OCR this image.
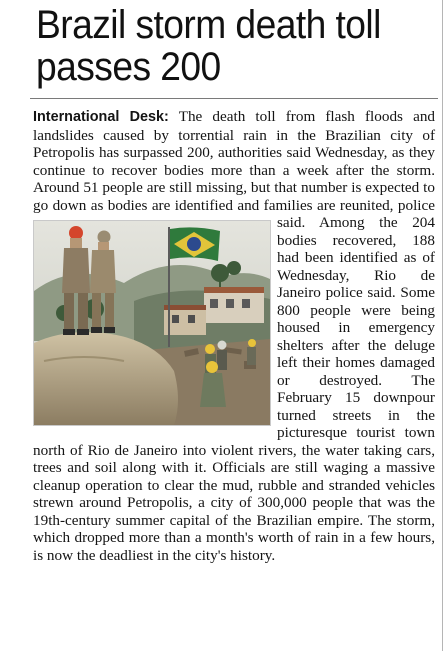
Brazil storm death toll passes 200

International Desk: The death toll from flash floods and landslides caused by torrential rain in the Brazilian city of Petropolis has surpassed 200, authorities said Wednesday, as they continue to recover bodies more than a week after the storm. Around 51 people are still missing, but that number is expected to go down as bodies are identified and families are reunited, police said. Among the 204 bodies recovered, 188 had been identified as of Wednesday, Rio de Janeiro police said. Some 800 people were being housed in emergency shelters after the deluge left their homes damaged or destroyed. The February 15 downpour turned streets in the picturesque tourist town north of Rio de Janeiro into violent rivers, the water taking cars, trees and soil along with it. Officials are still waging a massive cleanup operation to clear the mud, rubble and stranded vehicles strewn around Petropolis, a city of 300,000 people that was the 19th-century summer capital of the Brazilian empire. The storm, which dropped more than a month's worth of rain in a few hours, is now the deadliest in the city's history.
